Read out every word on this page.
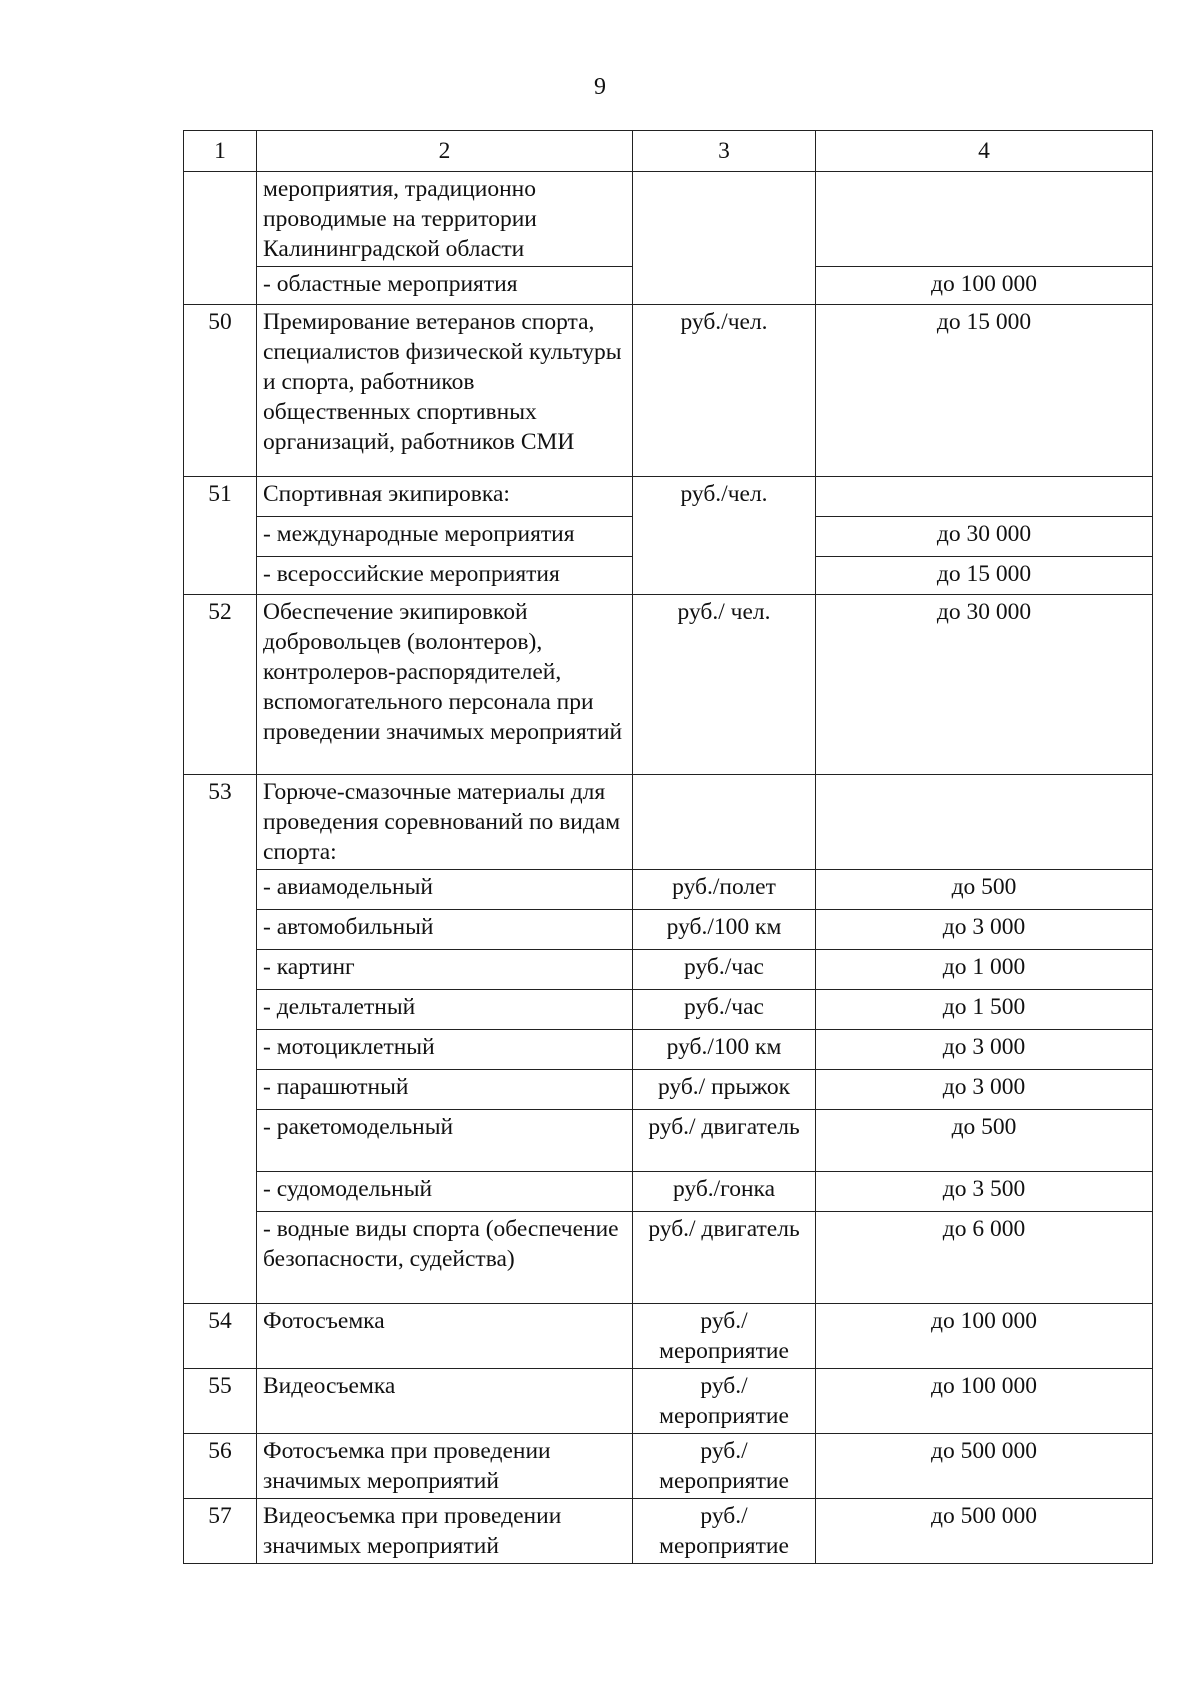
9
1	2	3	4
	мероприятия, традиционно проводимые на территории Калининградской области		
	- областные мероприятия		до 100 000
50	Премирование ветеранов спорта, специалистов физической культуры и спорта, работников общественных спортивных организаций, работников СМИ	руб./чел.	до 15 000
51	Спортивная экипировка:	руб./чел.	
	- международные мероприятия		до 30 000
	- всероссийские мероприятия		до 15 000
52	Обеспечение экипировкой добровольцев (волонтеров), контролеров-распорядителей, вспомогательного персонала при проведении значимых мероприятий	руб./ чел.	до 30 000
53	Горюче-смазочные материалы для проведения соревнований по видам спорта:		
	- авиамодельный	руб./полет	до 500
	- автомобильный	руб./100 км	до 3 000
	- картинг	руб./час	до 1 000
	- дельталетный	руб./час	до 1 500
	- мотоциклетный	руб./100 км	до 3 000
	- парашютный	руб./ прыжок	до 3 000
	- ракетомодельный	руб./ двигатель	до 500
	- судомодельный	руб./гонка	до 3 500
	- водные виды спорта (обеспечение безопасности, судейства)	руб./ двигатель	до 6 000
54	Фотосъемка	руб./ мероприятие	до 100 000
55	Видеосъемка	руб./ мероприятие	до 100 000
56	Фотосъемка при проведении значимых мероприятий	руб./ мероприятие	до 500 000
57	Видеосъемка при проведении значимых мероприятий	руб./ мероприятие	до 500 000
